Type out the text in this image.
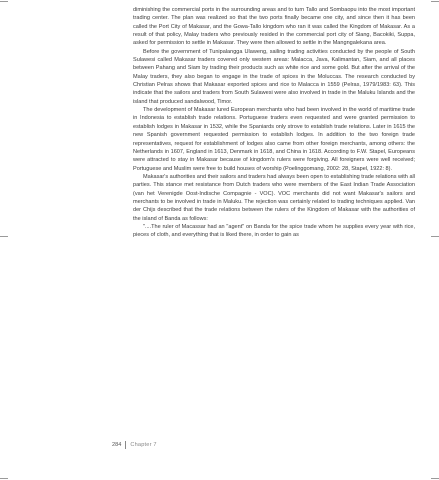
diminishing the commercial ports in the surrounding areas and to turn Tallo and Sombaopu into the most important trading center. The plan was realized so that the two ports finally became one city, and since then it has been called the Port City of Makasar, and the Gowa-Tallo kingdom who ran it was called the Kingdom of Makasar. As a result of that policy, Malay traders who previously resided in the commercial port city of Siang, Bacokiki, Suppa, asked for permission to settle in Makasar. They were then allowed to settle in the Mangngalekana area.

Before the government of Tunipalangga Ulaweng, sailing trading activities conducted by the people of South Sulawesi called Makasar traders covered only western areas: Malacca, Java, Kalimantan, Siam, and all places between Pahang and Siam by trading their products such as white rice and some gold. But after the arrival of the Malay traders, they also began to engage in the trade of spices in the Moluccas. The research conducted by Christian Pelras shows that Makasar exported spices and rice to Malacca in 1559 (Pelras, 1979/1983: 63). This indicate that the sailors and traders from South Sulawesi were also involved in trade in the Maluku Islands and the island that produced sandalwood, Timor.

The development of Makasar lured European merchants who had been involved in the world of maritime trade in Indonesia to establish trade relations. Portuguese traders even requested and were granted permission to establish lodges in Makasar in 1532, while the Spaniards only strove to establish trade relations. Later in 1615 the new Spanish government requested permission to establish lodges. In addition to the two foreign trade representatives, request for establishment of lodges also came from other foreign merchants, among others: the Netherlands in 1607, England in 1613, Denmark in 1618, and China in 1618. According to F.W. Stapel, Europeans were attracted to stay in Makasar because of kingdom's rulers were forgiving. All foreigners were well received; Portuguese and Muslim were free to build houses of worship (Poelinggomang, 2002: 28, Stapel, 1922: 8).

Makasar's authorities and their sailors and traders had always been open to establishing trade relations with all parties. This stance met resistance from Dutch traders who were members of the East Indian Trade Association (van het Verenigde Oost-Indische Compagnie - VOC). VOC merchants did not want Makasar's sailors and merchants to be involved in trade in Maluku. The rejection was certainly related to trading techniques applied. Van der Chijs described that the trade relations between the rulers of the Kingdom of Makasar with the authorities of the island of Banda as follows:

"....The ruler of Macassar had an "agent" on Banda for the spice trade whom he supplies every year with rice, pieces of cloth, and everything that is liked there, in order to gain as

284 Chapter 7
